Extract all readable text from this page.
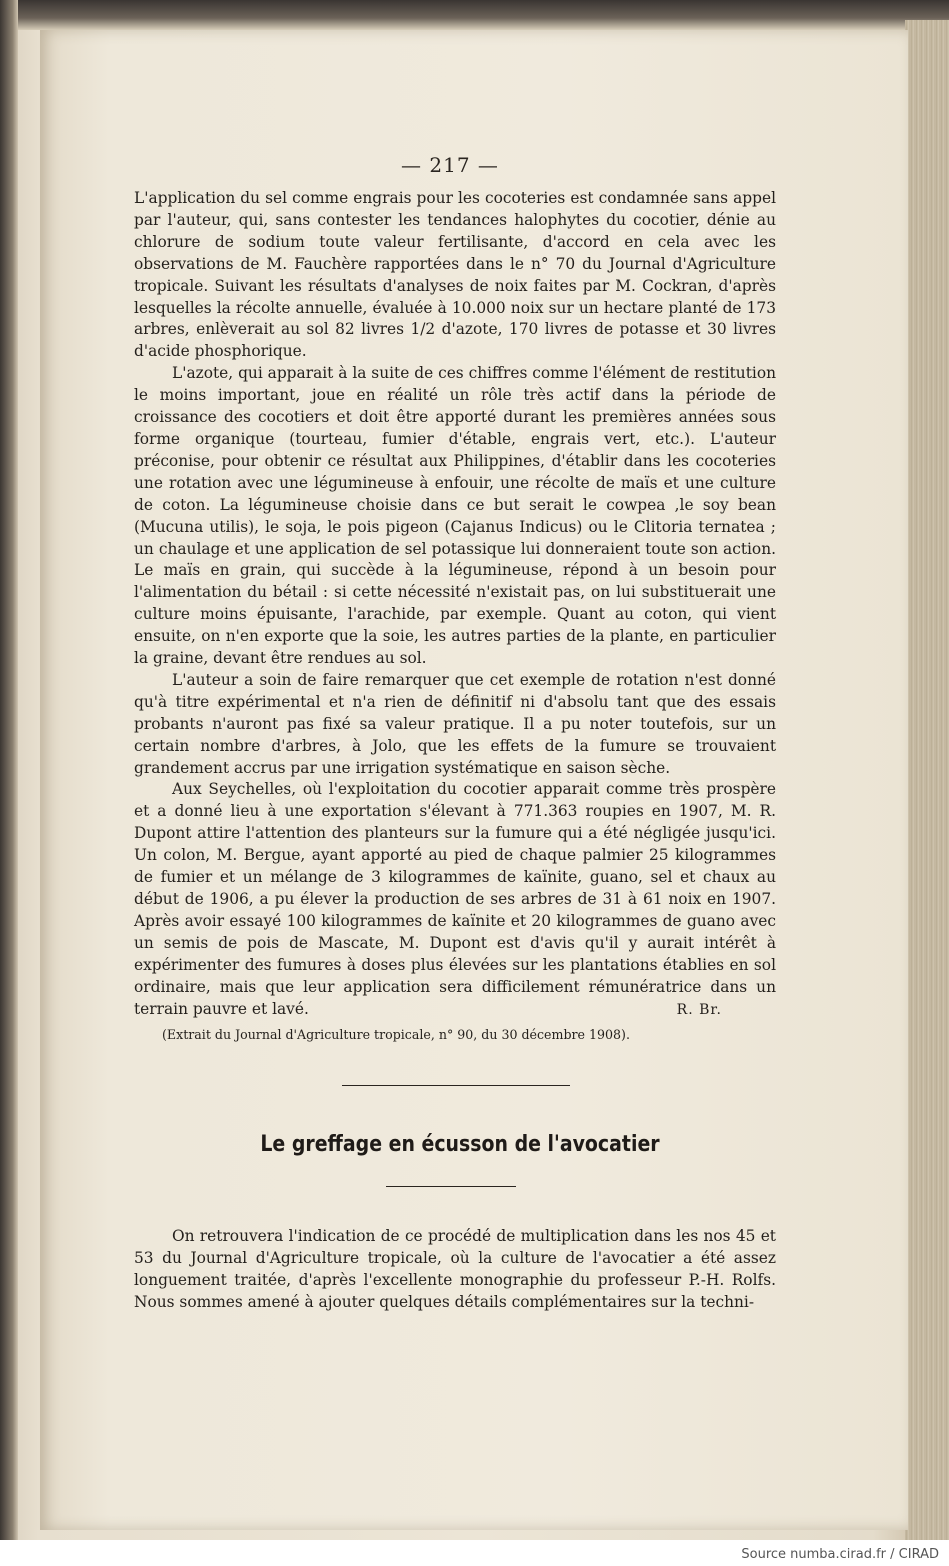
— 217 —

L'application du sel comme engrais pour les cocoteries est condamnée sans appel par l'auteur, qui, sans contester les tendances halophytes du cocotier, dénie au chlorure de sodium toute valeur fertilisante, d'accord en cela avec les observations de M. Fauchère rapportées dans le n° 70 du Journal d'Agriculture tropicale. Suivant les résultats d'analyses de noix faites par M. Cockran, d'après lesquelles la récolte annuelle, évaluée à 10.000 noix sur un hectare planté de 173 arbres, enlèverait au sol 82 livres 1/2 d'azote, 170 livres de potasse et 30 livres d'acide phosphorique.

L'azote, qui apparait à la suite de ces chiffres comme l'élément de restitution le moins important, joue en réalité un rôle très actif dans la période de croissance des cocotiers et doit être apporté durant les premières années sous forme organique (tourteau, fumier d'étable, engrais vert, etc.). L'auteur préconise, pour obtenir ce résultat aux Philippines, d'établir dans les cocoteries une rotation avec une légumineuse à enfouir, une récolte de maïs et une culture de coton. La légumineuse choisie dans ce but serait le cowpea ,le soy bean (Mucuna utilis), le soja, le pois pigeon (Cajanus Indicus) ou le Clitoria ternatea ; un chaulage et une application de sel potassique lui donneraient toute son action. Le maïs en grain, qui succède à la légumineuse, répond à un besoin pour l'alimentation du bétail : si cette nécessité n'existait pas, on lui substituerait une culture moins épuisante, l'arachide, par exemple. Quant au coton, qui vient ensuite, on n'en exporte que la soie, les autres parties de la plante, en particulier la graine, devant être rendues au sol.

L'auteur a soin de faire remarquer que cet exemple de rotation n'est donné qu'à titre expérimental et n'a rien de définitif ni d'absolu tant que des essais probants n'auront pas fixé sa valeur pratique. Il a pu noter toutefois, sur un certain nombre d'arbres, à Jolo, que les effets de la fumure se trouvaient grandement accrus par une irrigation systématique en saison sèche.

Aux Seychelles, où l'exploitation du cocotier apparait comme très prospère et a donné lieu à une exportation s'élevant à 771.363 roupies en 1907, M. R. Dupont attire l'attention des planteurs sur la fumure qui a été négligée jusqu'ici. Un colon, M. Bergue, ayant apporté au pied de chaque palmier 25 kilogrammes de fumier et un mélange de 3 kilogrammes de kaïnite, guano, sel et chaux au début de 1906, a pu élever la production de ses arbres de 31 à 61 noix en 1907. Après avoir essayé 100 kilogrammes de kaïnite et 20 kilogrammes de guano avec un semis de pois de Mascate, M. Dupont est d'avis qu'il y aurait intérêt à expérimenter des fumures à doses plus élevées sur les plantations établies en sol ordinaire, mais que leur application sera difficilement rémunératrice dans un terrain pauvre et lavé.	R. Br.
(Extrait du Journal d'Agriculture tropicale, n° 90, du 30 décembre 1908).
Le greffage en écusson de l'avocatier

On retrouvera l'indication de ce procédé de multiplication dans les nos 45 et 53 du Journal d'Agriculture tropicale, où la culture de l'avocatier a été assez longuement traitée, d'après l'excellente monographie du professeur P.-H. Rolfs. Nous sommes amené à ajouter quelques détails complémentaires sur la techni-

Source numba.cirad.fr / CIRAD
